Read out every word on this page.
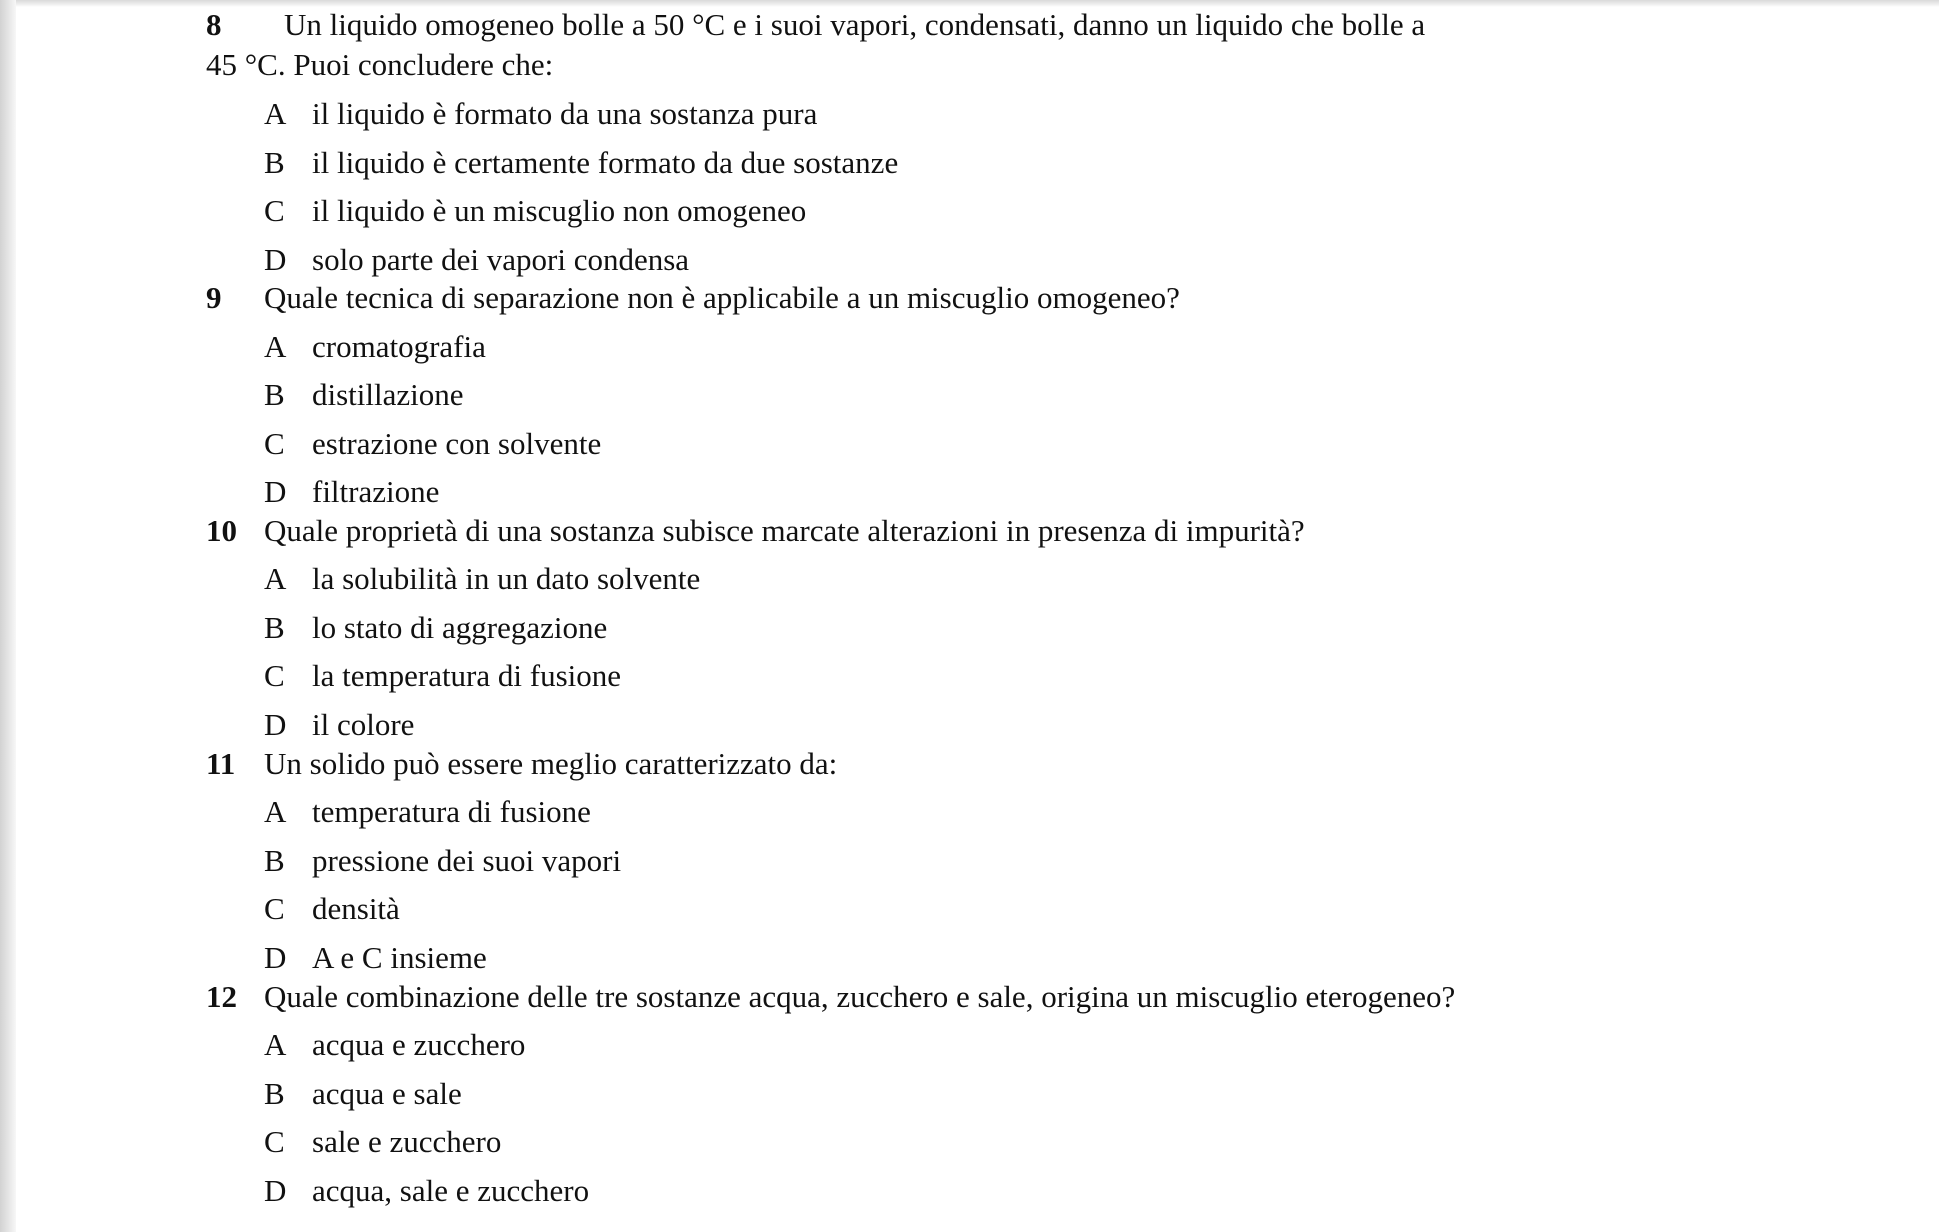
8 Un liquido omogeneo bolle a 50 °C e i suoi vapori, condensati, danno un liquido che bolle a
45 °C. Puoi concludere che:
A il liquido è formato da una sostanza pura
B il liquido è certamente formato da due sostanze
C il liquido è un miscuglio non omogeneo
D solo parte dei vapori condensa
9 Quale tecnica di separazione non è applicabile a un miscuglio omogeneo?
A cromatografia
B distillazione
C estrazione con solvente
D filtrazione
10 Quale proprietà di una sostanza subisce marcate alterazioni in presenza di impurità?
A la solubilità in un dato solvente
B lo stato di aggregazione
C la temperatura di fusione
D il colore
11 Un solido può essere meglio caratterizzato da:
A temperatura di fusione
B pressione dei suoi vapori
C densità
D A e C insieme
12 Quale combinazione delle tre sostanze acqua, zucchero e sale, origina un miscuglio eterogeneo?
A acqua e zucchero
B acqua e sale
C sale e zucchero
D acqua, sale e zucchero
